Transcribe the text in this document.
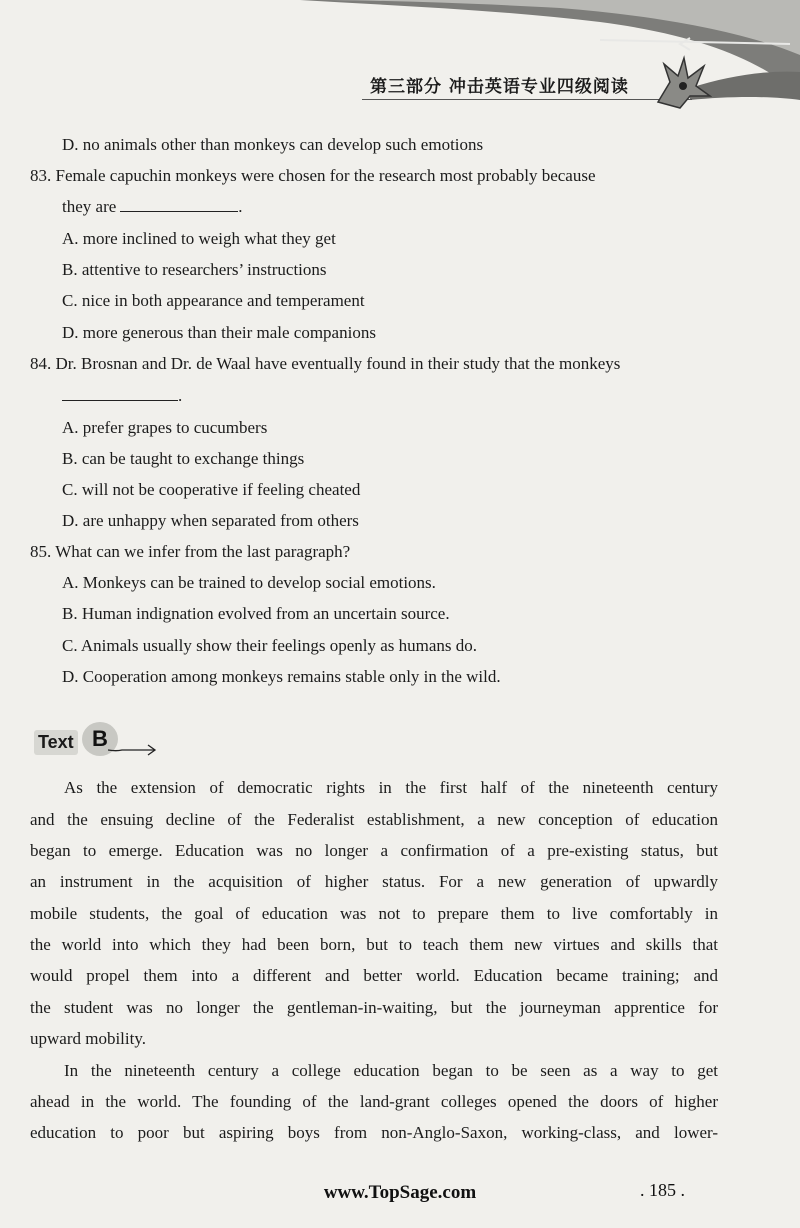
第三部分 冲击英语专业四级阅读
D. no animals other than monkeys can develop such emotions
83. Female capuchin monkeys were chosen for the research most probably because
they are	.
A. more inclined to weigh what they get
B. attentive to researchers’ instructions
C. nice in both appearance and temperament
D. more generous than their male companions
84. Dr. Brosnan and Dr. de Waal have eventually found in their study that the monkeys
.
A. prefer grapes to cucumbers
B. can be taught to exchange things
C. will not be cooperative if feeling cheated
D. are unhappy when separated from others
85. What can we infer from the last paragraph?
A. Monkeys can be trained to develop social emotions.
B. Human indignation evolved from an uncertain source.
C. Animals usually show their feelings openly as humans do.
D. Cooperation among monkeys remains stable only in the wild.
Text B
As the extension of democratic rights in the first half of the nineteenth century
and the ensuing decline of the Federalist establishment, a new conception of education
began to emerge. Education was no longer a confirmation of a pre-existing status, but
an instrument in the acquisition of higher status. For a new generation of upwardly
mobile students, the goal of education was not to prepare them to live comfortably in
the world into which they had been born, but to teach them new virtues and skills that
would propel them into a different and better world. Education became training; and
the student was no longer the gentleman-in-waiting, but the journeyman apprentice for
upward mobility.
In the nineteenth century a college education began to be seen as a way to get
ahead in the world. The founding of the land-grant colleges opened the doors of higher
education to poor but aspiring boys from non-Anglo-Saxon, working-class, and lower-
www.TopSage.com	. 185 .
